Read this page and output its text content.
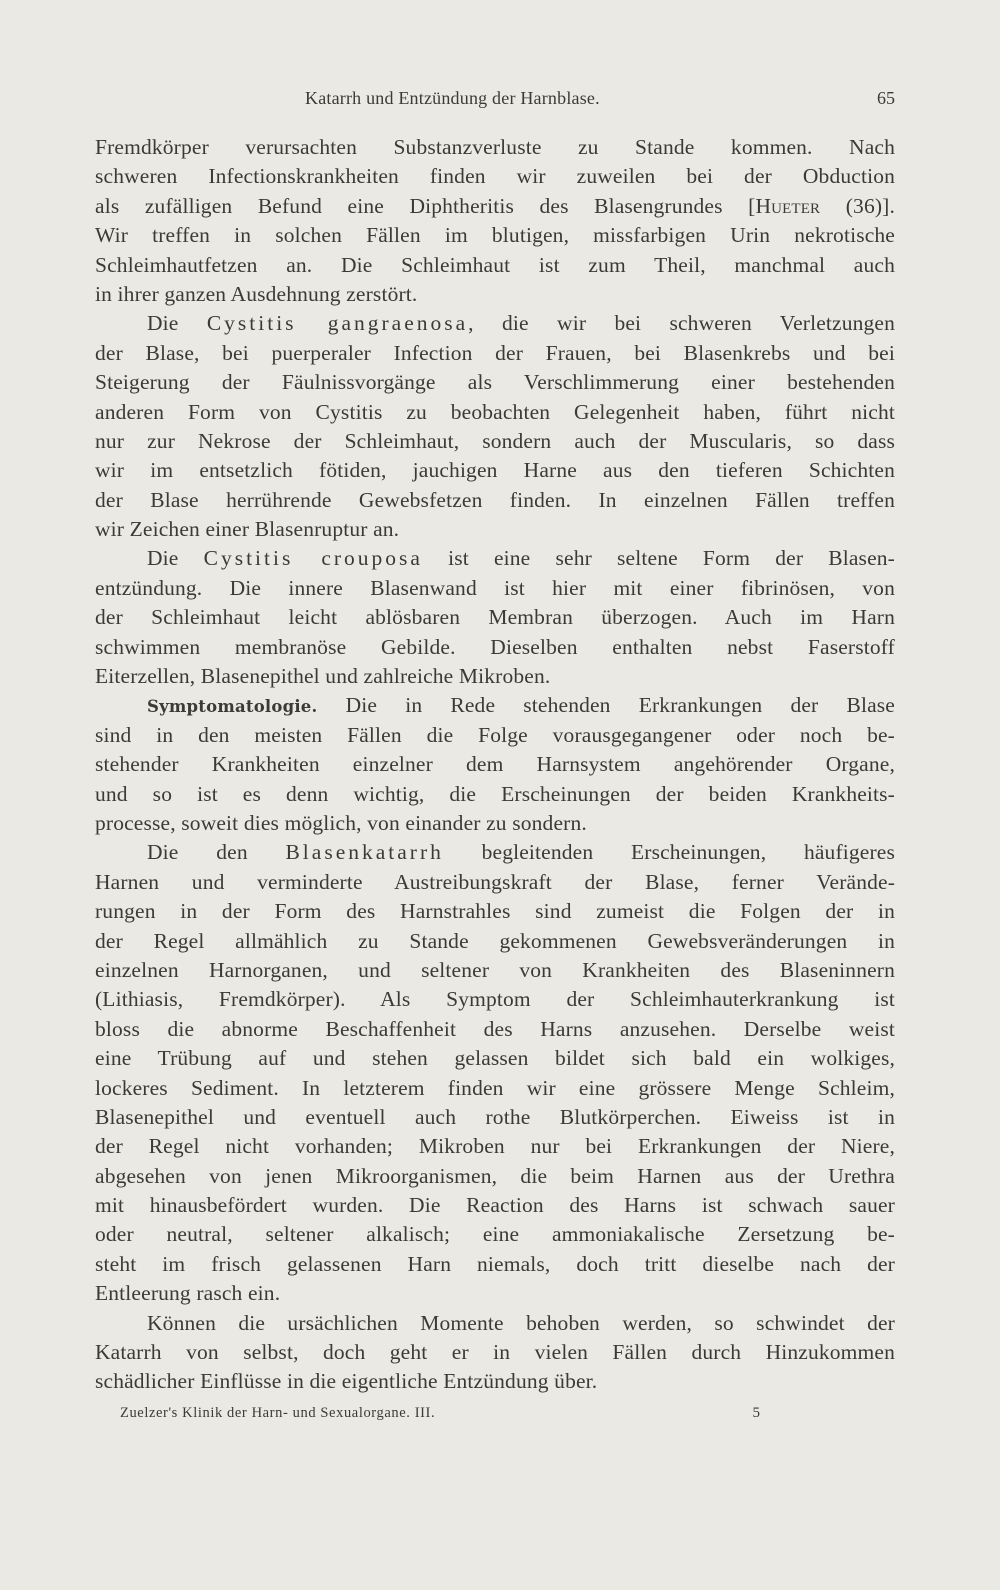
Katarrh und Entzündung der Harnblase.	65
Fremdkörper verursachten Substanzverluste zu Stande kommen. Nach
schweren Infectionskrankheiten finden wir zuweilen bei der Obduction
als zufälligen Befund eine Diphtheritis des Blasengrundes [Hueter (36)].
Wir treffen in solchen Fällen im blutigen, missfarbigen Urin nekrotische
Schleimhautfetzen an. Die Schleimhaut ist zum Theil, manchmal auch
in ihrer ganzen Ausdehnung zerstört.
Die Cystitis gangraenosa, die wir bei schweren Verletzungen
der Blase, bei puerperaler Infection der Frauen, bei Blasenkrebs und bei
Steigerung der Fäulnissvorgänge als Verschlimmerung einer bestehenden
anderen Form von Cystitis zu beobachten Gelegenheit haben, führt nicht
nur zur Nekrose der Schleimhaut, sondern auch der Muscularis, so dass
wir im entsetzlich fötiden, jauchigen Harne aus den tieferen Schichten
der Blase herrührende Gewebsfetzen finden. In einzelnen Fällen treffen
wir Zeichen einer Blasenruptur an.
Die Cystitis crouposa ist eine sehr seltene Form der Blasen-
entzündung. Die innere Blasenwand ist hier mit einer fibrinösen, von
der Schleimhaut leicht ablösbaren Membran überzogen. Auch im Harn
schwimmen membranöse Gebilde. Dieselben enthalten nebst Faserstoff
Eiterzellen, Blasenepithel und zahlreiche Mikroben.
Symptomatologie. Die in Rede stehenden Erkrankungen der Blase
sind in den meisten Fällen die Folge vorausgegangener oder noch be-
stehender Krankheiten einzelner dem Harnsystem angehörender Organe,
und so ist es denn wichtig, die Erscheinungen der beiden Krankheits-
processe, soweit dies möglich, von einander zu sondern.
Die den Blasenkatarrh begleitenden Erscheinungen, häufigeres
Harnen und verminderte Austreibungskraft der Blase, ferner Verände-
rungen in der Form des Harnstrahles sind zumeist die Folgen der in
der Regel allmählich zu Stande gekommenen Gewebsveränderungen in
einzelnen Harnorganen, und seltener von Krankheiten des Blaseninnern
(Lithiasis, Fremdkörper). Als Symptom der Schleimhauterkrankung ist
bloss die abnorme Beschaffenheit des Harns anzusehen. Derselbe weist
eine Trübung auf und stehen gelassen bildet sich bald ein wolkiges,
lockeres Sediment. In letzterem finden wir eine grössere Menge Schleim,
Blasenepithel und eventuell auch rothe Blutkörperchen. Eiweiss ist in
der Regel nicht vorhanden; Mikroben nur bei Erkrankungen der Niere,
abgesehen von jenen Mikroorganismen, die beim Harnen aus der Urethra
mit hinausbefördert wurden. Die Reaction des Harns ist schwach sauer
oder neutral, seltener alkalisch; eine ammoniakalische Zersetzung be-
steht im frisch gelassenen Harn niemals, doch tritt dieselbe nach der
Entleerung rasch ein.
Können die ursächlichen Momente behoben werden, so schwindet der
Katarrh von selbst, doch geht er in vielen Fällen durch Hinzukommen
schädlicher Einflüsse in die eigentliche Entzündung über.
Zuelzer's Klinik der Harn- und Sexualorgane. III.	5
